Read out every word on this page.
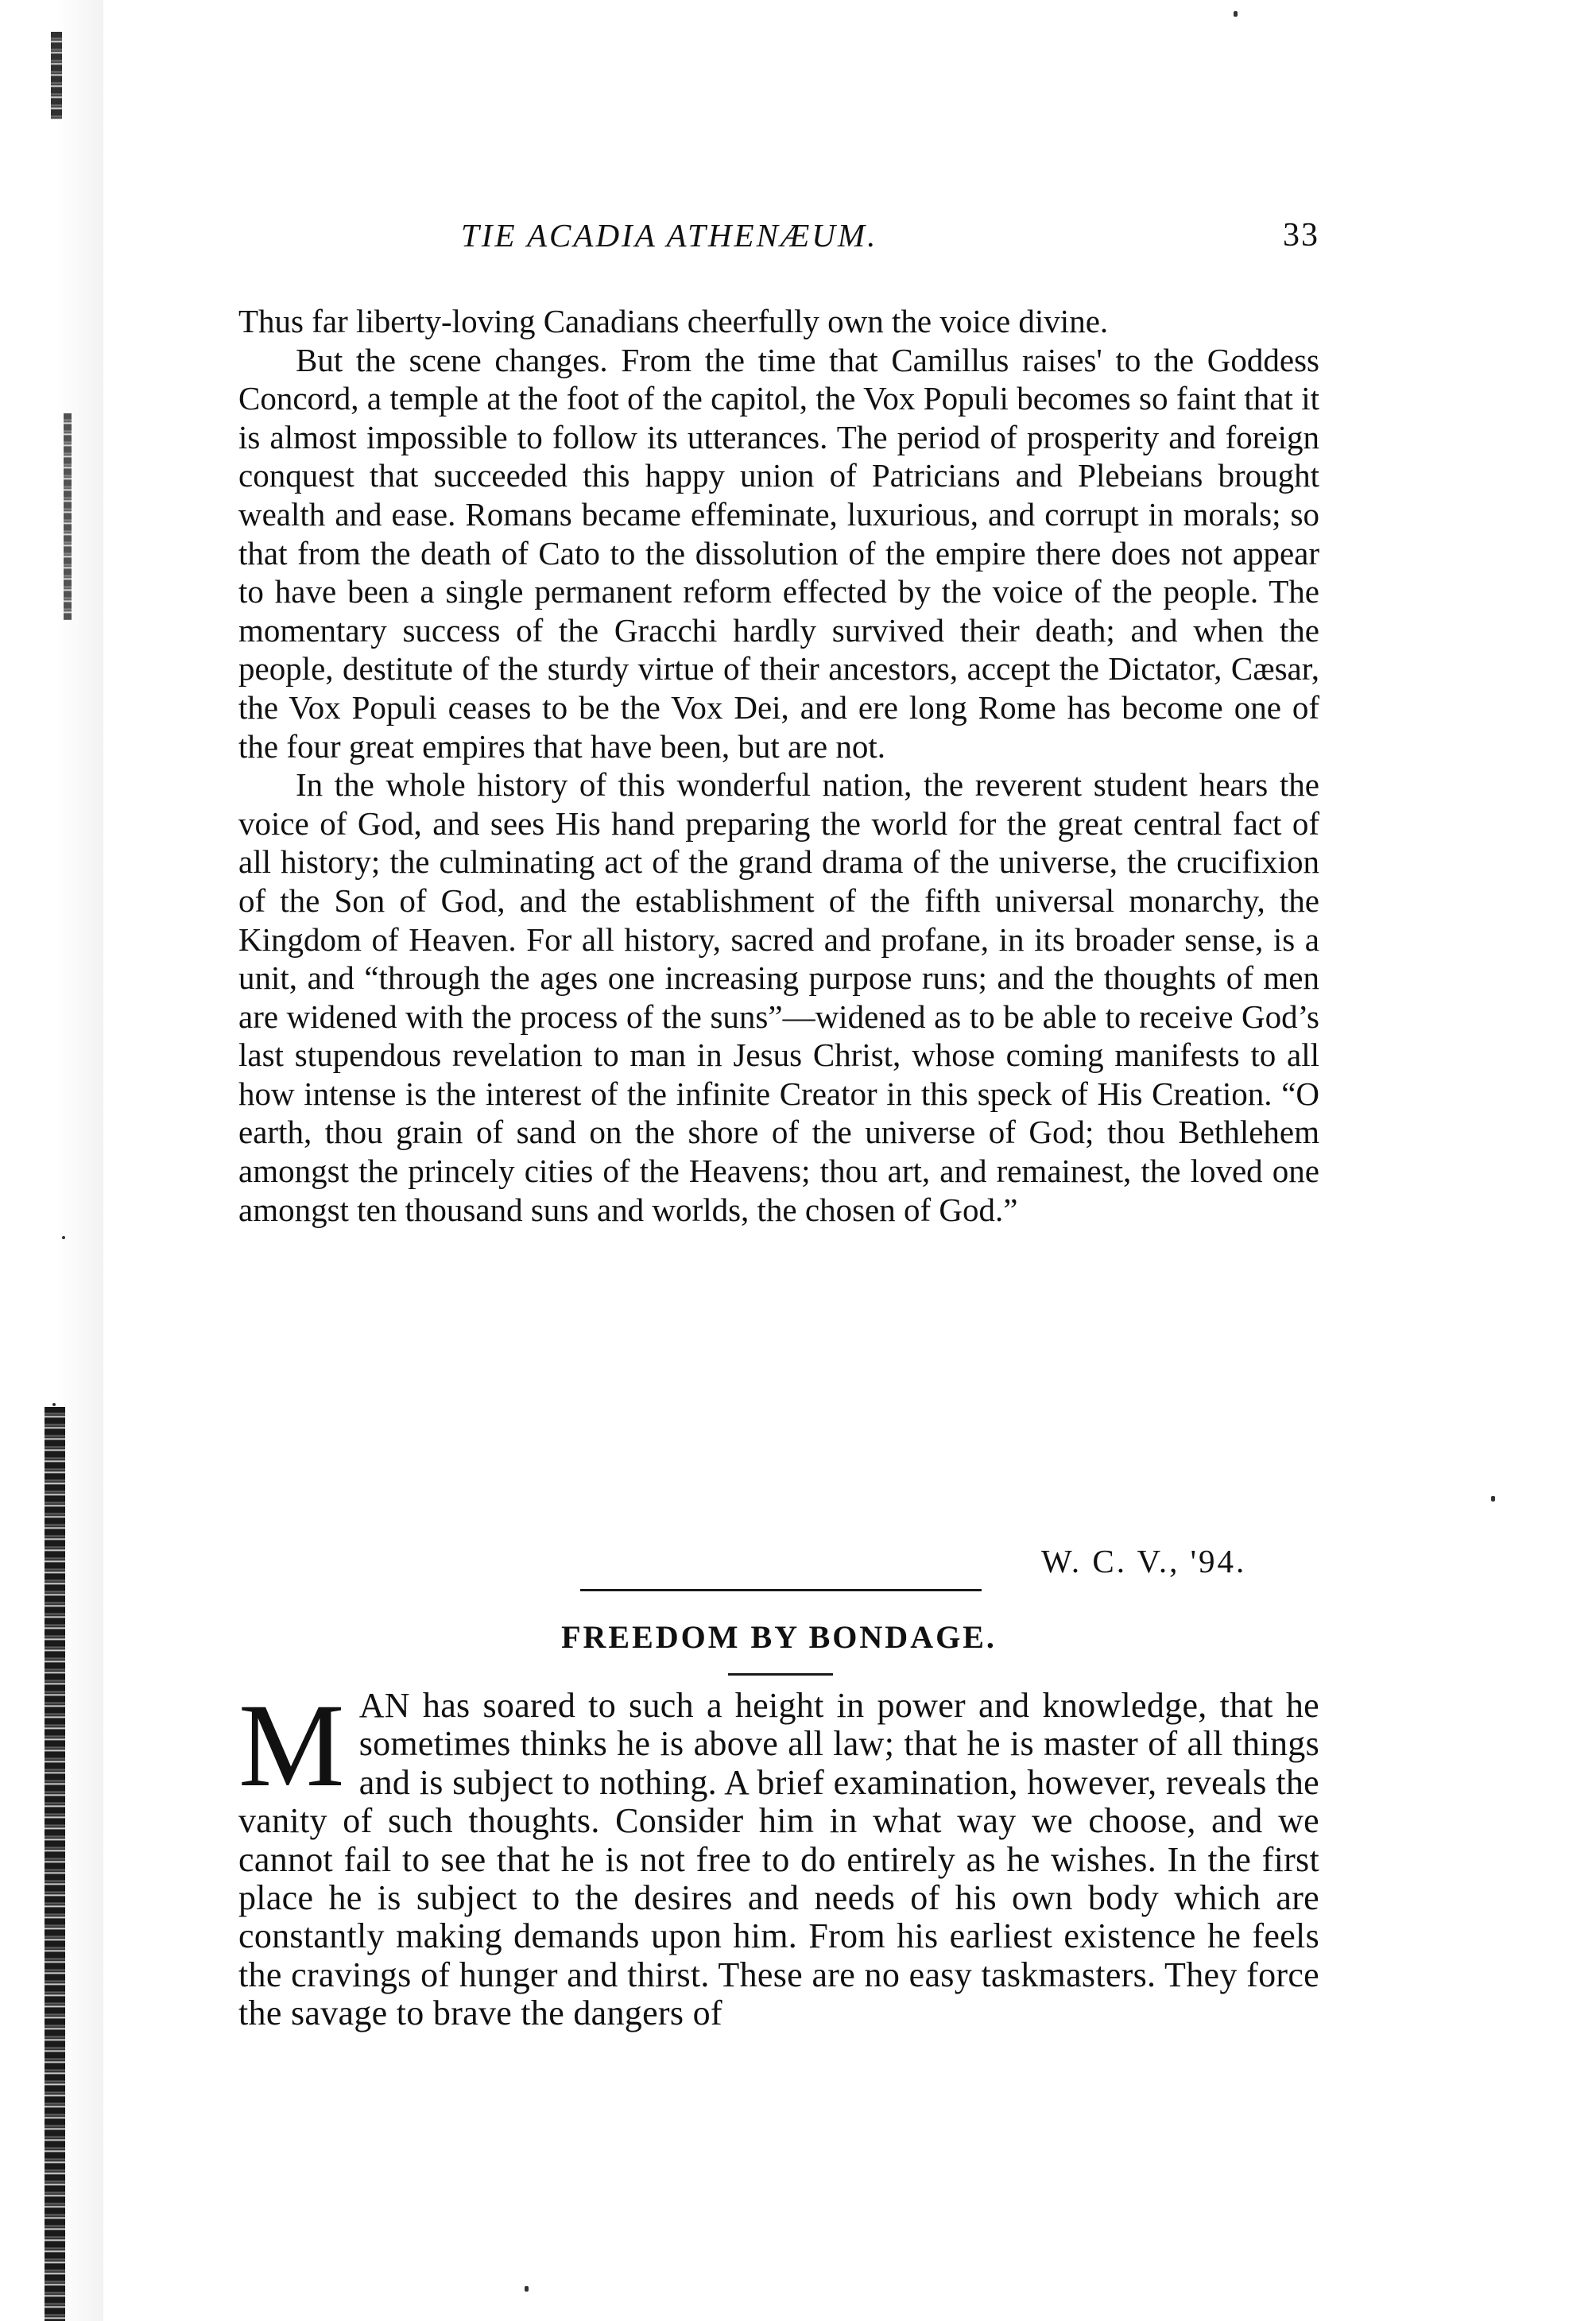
TIE ACADIA ATHENÆUM.	33

Thus far liberty-loving Canadians cheerfully own the voice divine.

But the scene changes. From the time that Camillus raises' to the Goddess Concord, a temple at the foot of the capitol, the Vox Populi becomes so faint that it is almost impossible to follow its utterances. The period of prosperity and foreign conquest that succeeded this happy union of Patricians and Plebeians brought wealth and ease. Romans became effeminate, luxurious, and corrupt in morals; so that from the death of Cato to the dissolution of the empire there does not appear to have been a single permanent reform effected by the voice of the people. The momentary success of the Gracchi hardly survived their death; and when the people, destitute of the sturdy virtue of their ancestors, accept the Dictator, Cæsar, the Vox Populi ceases to be the Vox Dei, and ere long Rome has become one of the four great empires that have been, but are not.

In the whole history of this wonderful nation, the reverent student hears the voice of God, and sees His hand preparing the world for the great central fact of all history; the culminating act of the grand drama of the universe, the crucifixion of the Son of God, and the establishment of the fifth universal monarchy, the Kingdom of Heaven. For all history, sacred and profane, in its broader sense, is a unit, and “through the ages one increasing purpose runs; and the thoughts of men are widened with the process of the suns”—widened as to be able to receive God’s last stupendous revelation to man in Jesus Christ, whose coming manifests to all how intense is the interest of the infinite Creator in this speck of His Creation. “O earth, thou grain of sand on the shore of the universe of God; thou Bethlehem amongst the princely cities of the Heavens; thou art, and remainest, the loved one amongst ten thousand suns and worlds, the chosen of God.”

W. C. V., '94.
FREEDOM BY BONDAGE.
M AN has soared to such a height in power and knowledge, that he sometimes thinks he is above all law; that he is master of all things and is subject to nothing. A brief examination, however, reveals the vanity of such thoughts. Consider him in what way we choose, and we cannot fail to see that he is not free to do entirely as he wishes. In the first place he is subject to the desires and needs of his own body which are constantly making demands upon him. From his earliest existence he feels the cravings of hunger and thirst. These are no easy taskmasters. They force the savage to brave the dangers of
